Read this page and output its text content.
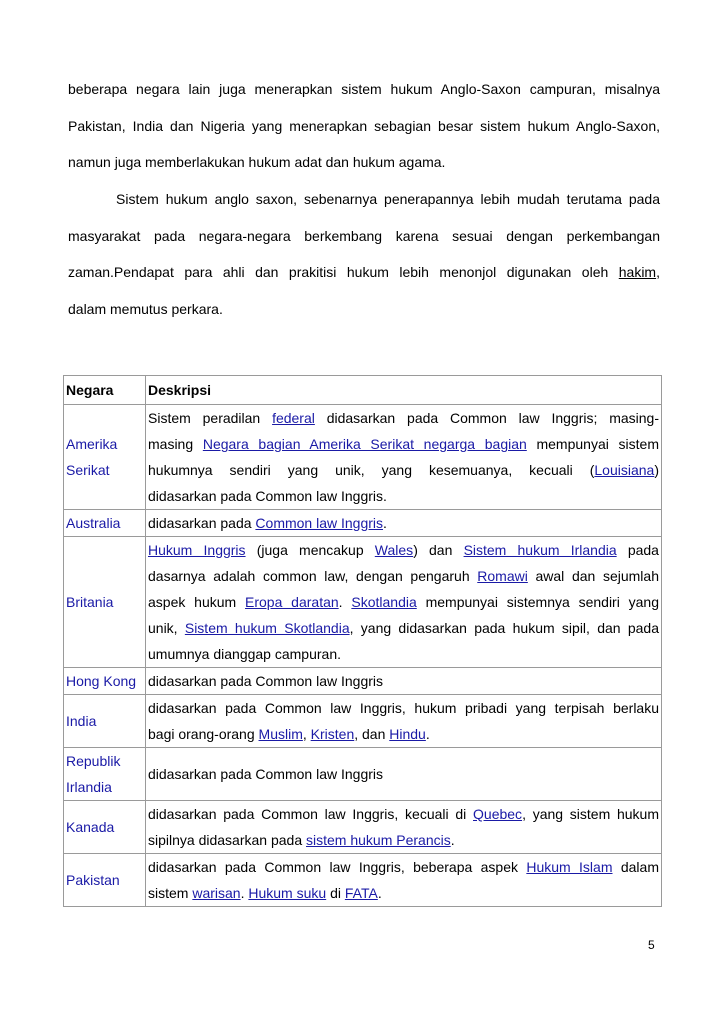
beberapa negara lain juga menerapkan sistem hukum Anglo-Saxon campuran, misalnya
Pakistan, India dan Nigeria yang menerapkan sebagian besar sistem hukum Anglo-Saxon,
namun juga memberlakukan hukum adat dan hukum agama.
Sistem hukum anglo saxon, sebenarnya penerapannya lebih mudah terutama pada
masyarakat pada negara-negara berkembang karena sesuai dengan perkembangan
zaman.Pendapat para ahli dan prakitisi hukum lebih menonjol digunakan oleh hakim,
dalam memutus perkara.
Negara	Deskripsi
Amerika Serikat	Sistem peradilan federal didasarkan pada Common law Inggris; masing-
masing Negara bagian Amerika Serikat negarga bagian mempunyai sistem
hukumnya sendiri yang unik, yang kesemuanya, kecuali (Louisiana)
didasarkan pada Common law Inggris.

Australia	didasarkan pada Common law Inggris.

Britania	Hukum Inggris (juga mencakup Wales) dan Sistem hukum Irlandia pada
dasarnya adalah common law, dengan pengaruh Romawi awal dan sejumlah
aspek hukum Eropa daratan. Skotlandia mempunyai sistemnya sendiri yang
unik, Sistem hukum Skotlandia, yang didasarkan pada hukum sipil, dan pada
umumnya dianggap campuran.

Hong Kong	didasarkan pada Common law Inggris
India	didasarkan pada Common law Inggris, hukum pribadi yang terpisah berlaku
bagi orang-orang Muslim, Kristen, dan Hindu.

Republik Irlandia	didasarkan pada Common law Inggris
Kanada	didasarkan pada Common law Inggris, kecuali di Quebec, yang sistem hukum
sipilnya didasarkan pada sistem hukum Perancis.

Pakistan	didasarkan pada Common law Inggris, beberapa aspek Hukum Islam dalam
sistem warisan. Hukum suku di FATA.
5
